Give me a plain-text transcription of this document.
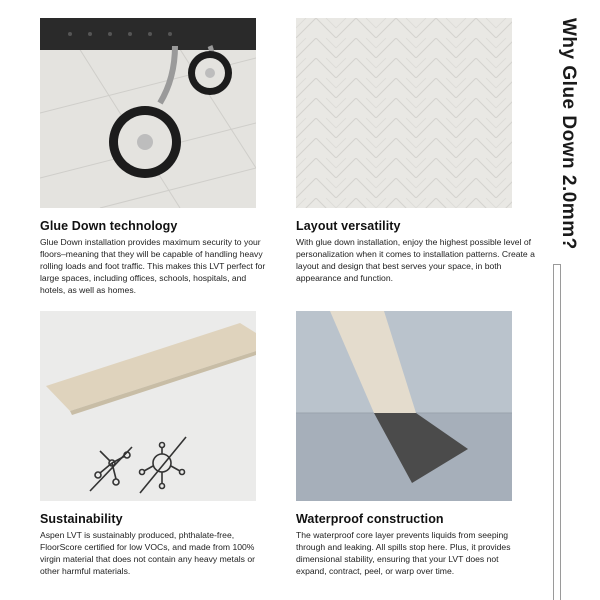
Glue Down technology

Glue Down installation provides maximum security to your floors–meaning that they will be capable of handling heavy rolling loads and foot traffic. This makes this LVT perfect for large spaces, including offices, schools, hospitals, and hotels, as well as homes.

Layout versatility

With glue down installation, enjoy the highest possible level of personalization when it comes to installation patterns. Create a layout and design that best serves your space, in both appearance and function.

Sustainability

Aspen LVT is sustainably produced, phthalate-free, FloorScore certified for low VOCs, and made from 100% virgin material that does not contain any heavy metals or other harmful materials.

Waterproof construction

The waterproof core layer prevents liquids from seeping through and leaking. All spills stop here. Plus, it provides dimensional stability, ensuring that your LVT does not expand, contract, peel, or warp over time.

Why Glue Down 2.0mm?
